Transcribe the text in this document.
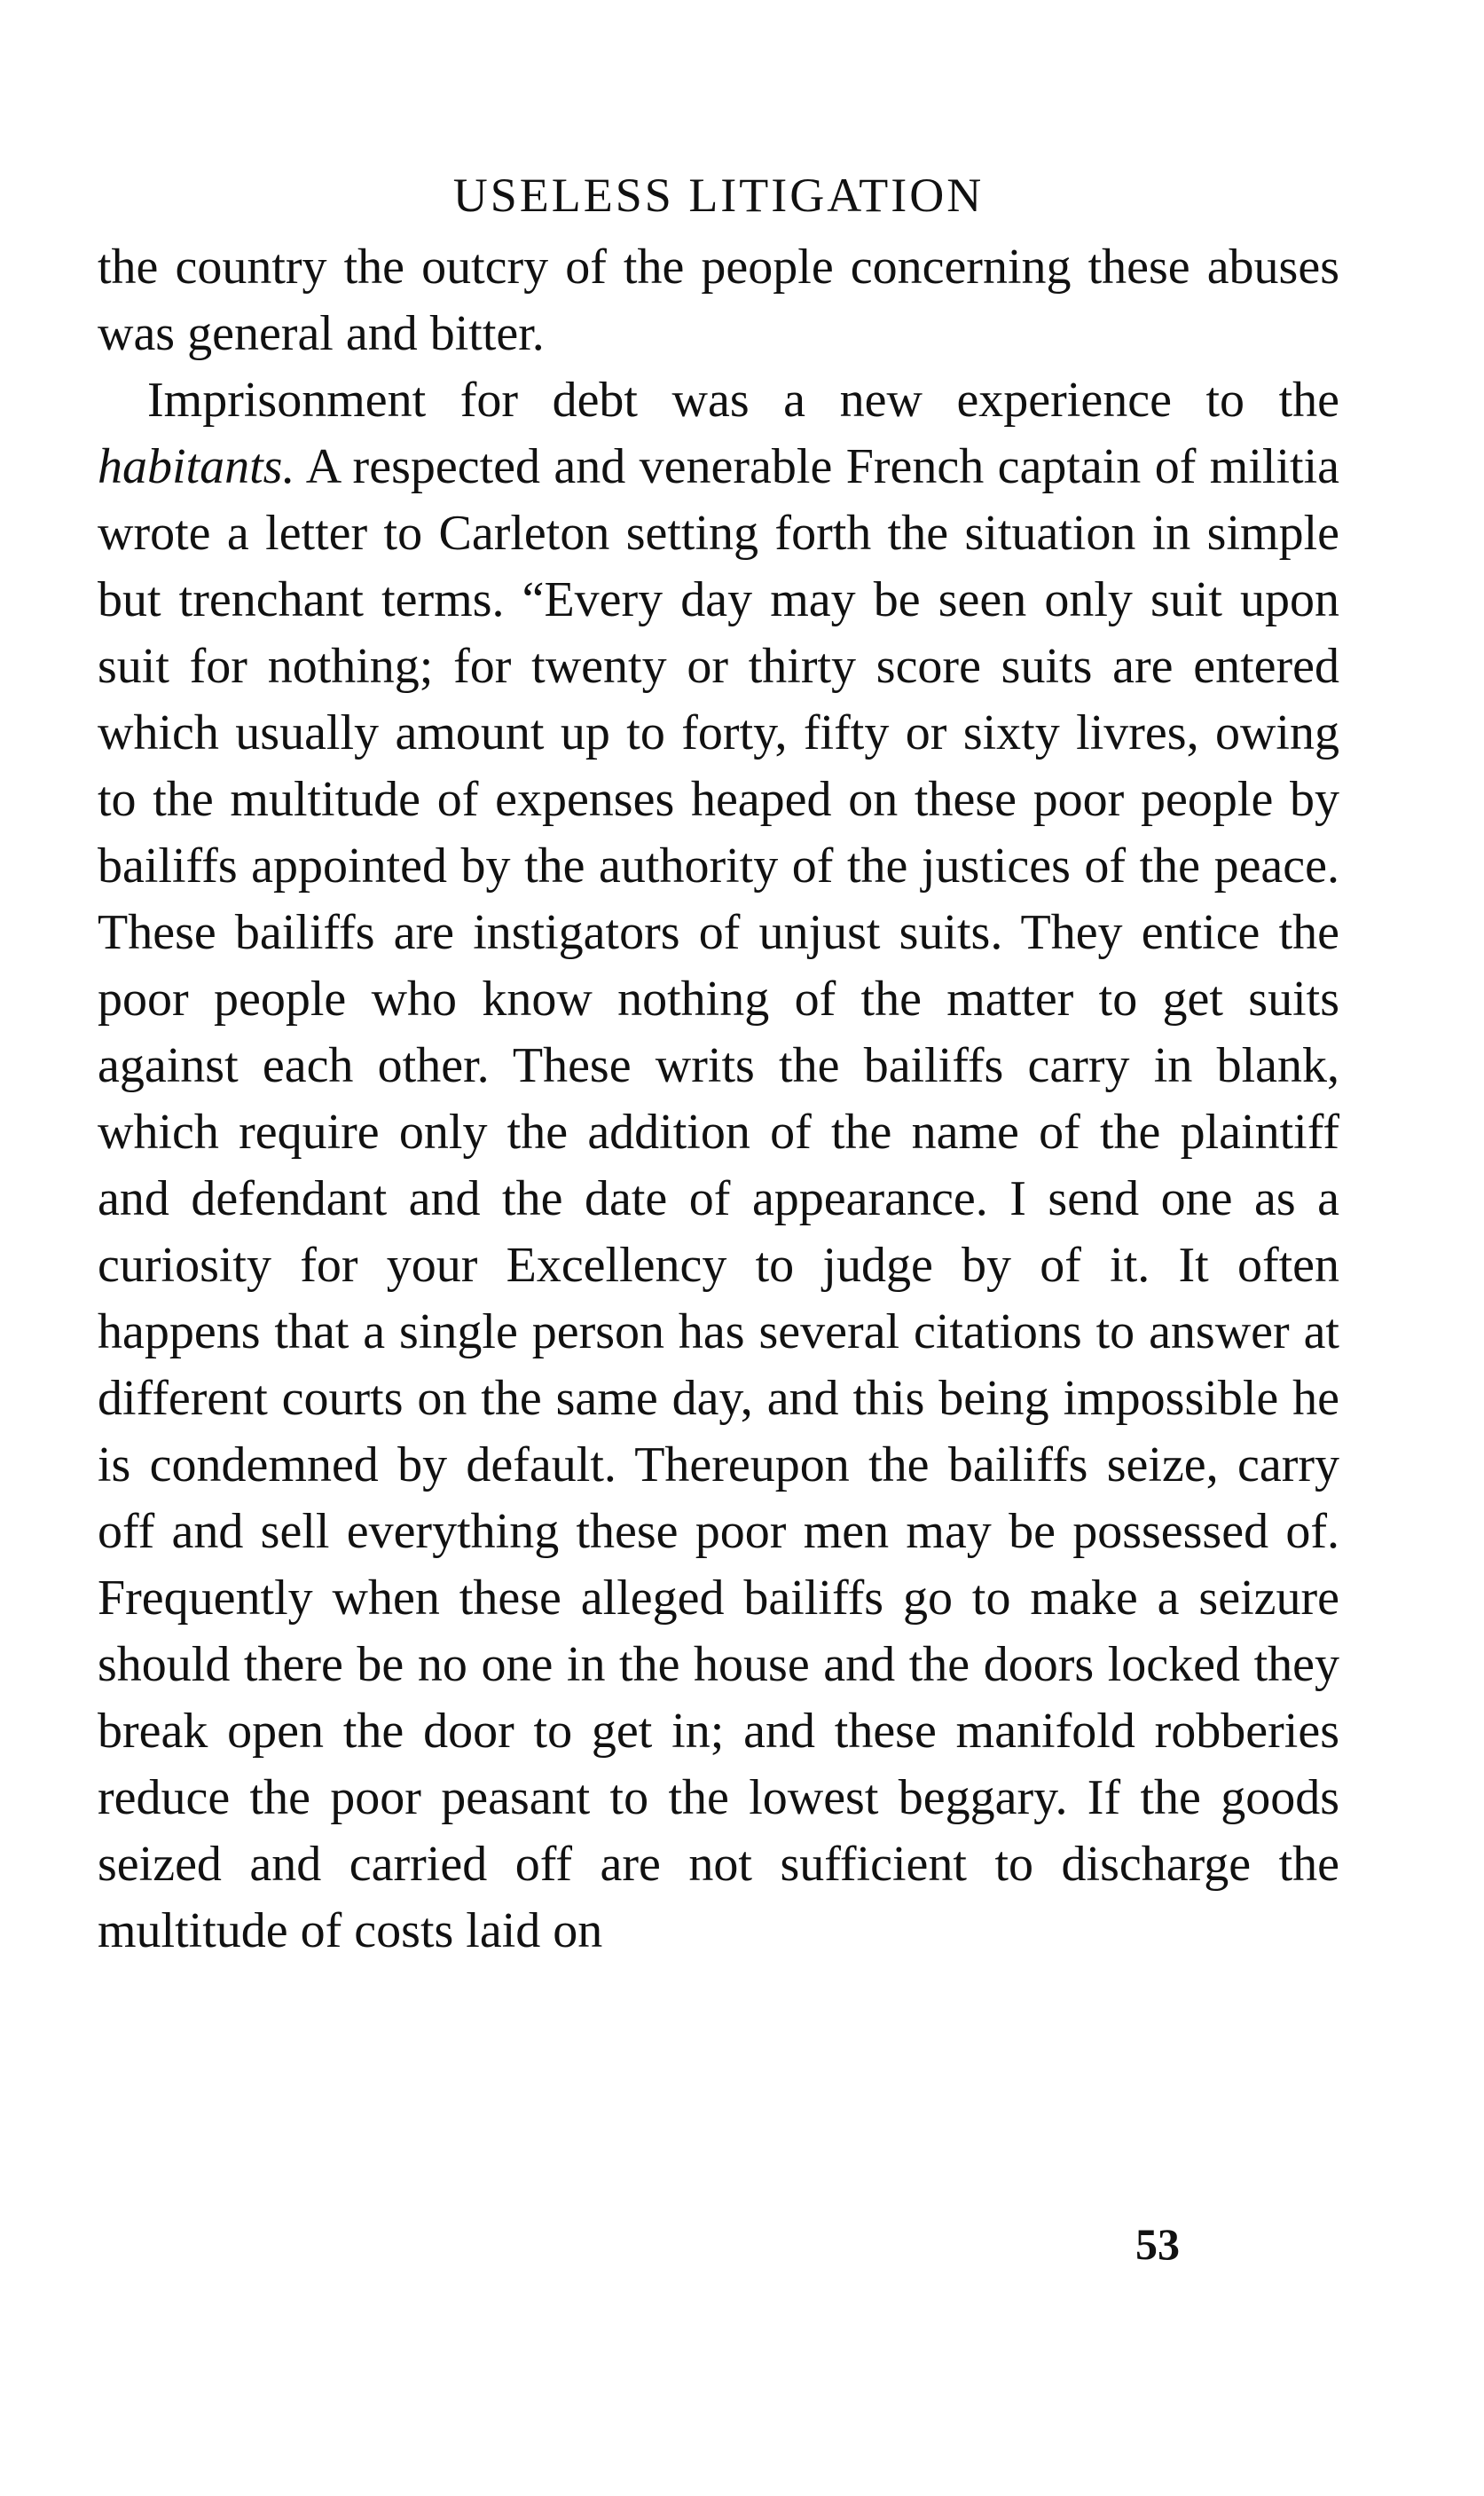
USELESS LITIGATION

the country the outcry of the people concerning these abuses was general and bitter.

Imprisonment for debt was a new experience to the habitants. A respected and venerable French captain of militia wrote a letter to Carleton setting forth the situation in simple but trenchant terms. “Every day may be seen only suit upon suit for nothing; for twenty or thirty score suits are entered which usually amount up to forty, fifty or sixty livres, owing to the multitude of expenses heaped on these poor people by bailiffs appointed by the authority of the justices of the peace. These bailiffs are instigators of unjust suits. They entice the poor people who know nothing of the matter to get suits against each other. These writs the bailiffs carry in blank, which require only the addition of the name of the plaintiff and defendant and the date of appearance. I send one as a curiosity for your Excellency to judge by of it. It often happens that a single person has several citations to answer at different courts on the same day, and this being impossible he is condemned by default. Thereupon the bailiffs seize, carry off and sell everything these poor men may be possessed of. Frequently when these alleged bailiffs go to make a seizure should there be no one in the house and the doors locked they break open the door to get in; and these manifold robberies reduce the poor peasant to the lowest beggary. If the goods seized and carried off are not sufficient to discharge the multitude of costs laid on

53
